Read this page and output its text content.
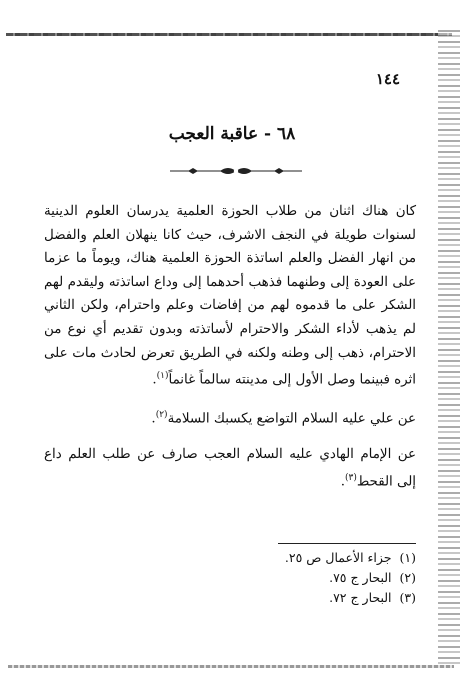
١٤٤
٦٨ - عاقبة العجب

كان هناك اثنان من طلاب الحوزة العلمية يدرسان العلوم الدينية لسنوات طويلة في النجف الاشرف، حيث كانا ينهلان العلم والفضل من انهار الفضل والعلم اساتذة الحوزة العلمية هناك، ويوماً ما عزما على العودة إلى وطنهما فذهب أحدهما إلى وداع اساتذته وليقدم لهم الشكر على ما قدموه لهم من إفاضات وعلم واحترام، ولكن الثاني لم يذهب لأداء الشكر والاحترام لأساتذته وبدون تقديم أي نوع من الاحترام، ذهب إلى وطنه ولكنه في الطريق تعرض لحادث مات على اثره فبينما وصل الأول إلى مدينته سالماً غانماً$^{(١)}$.

عن علي عليه السلام التواضع يكسبك السلامة$^{(٢)}$.

عن الإمام الهادي عليه السلام العجب صارف عن طلب العلم داع إلى القحط$^{(٣)}$.

(١)جزاء الأعمال ص ٢٥.
(٢)البحار ج ٧٥.
(٣)البحار ج ٧٢.
